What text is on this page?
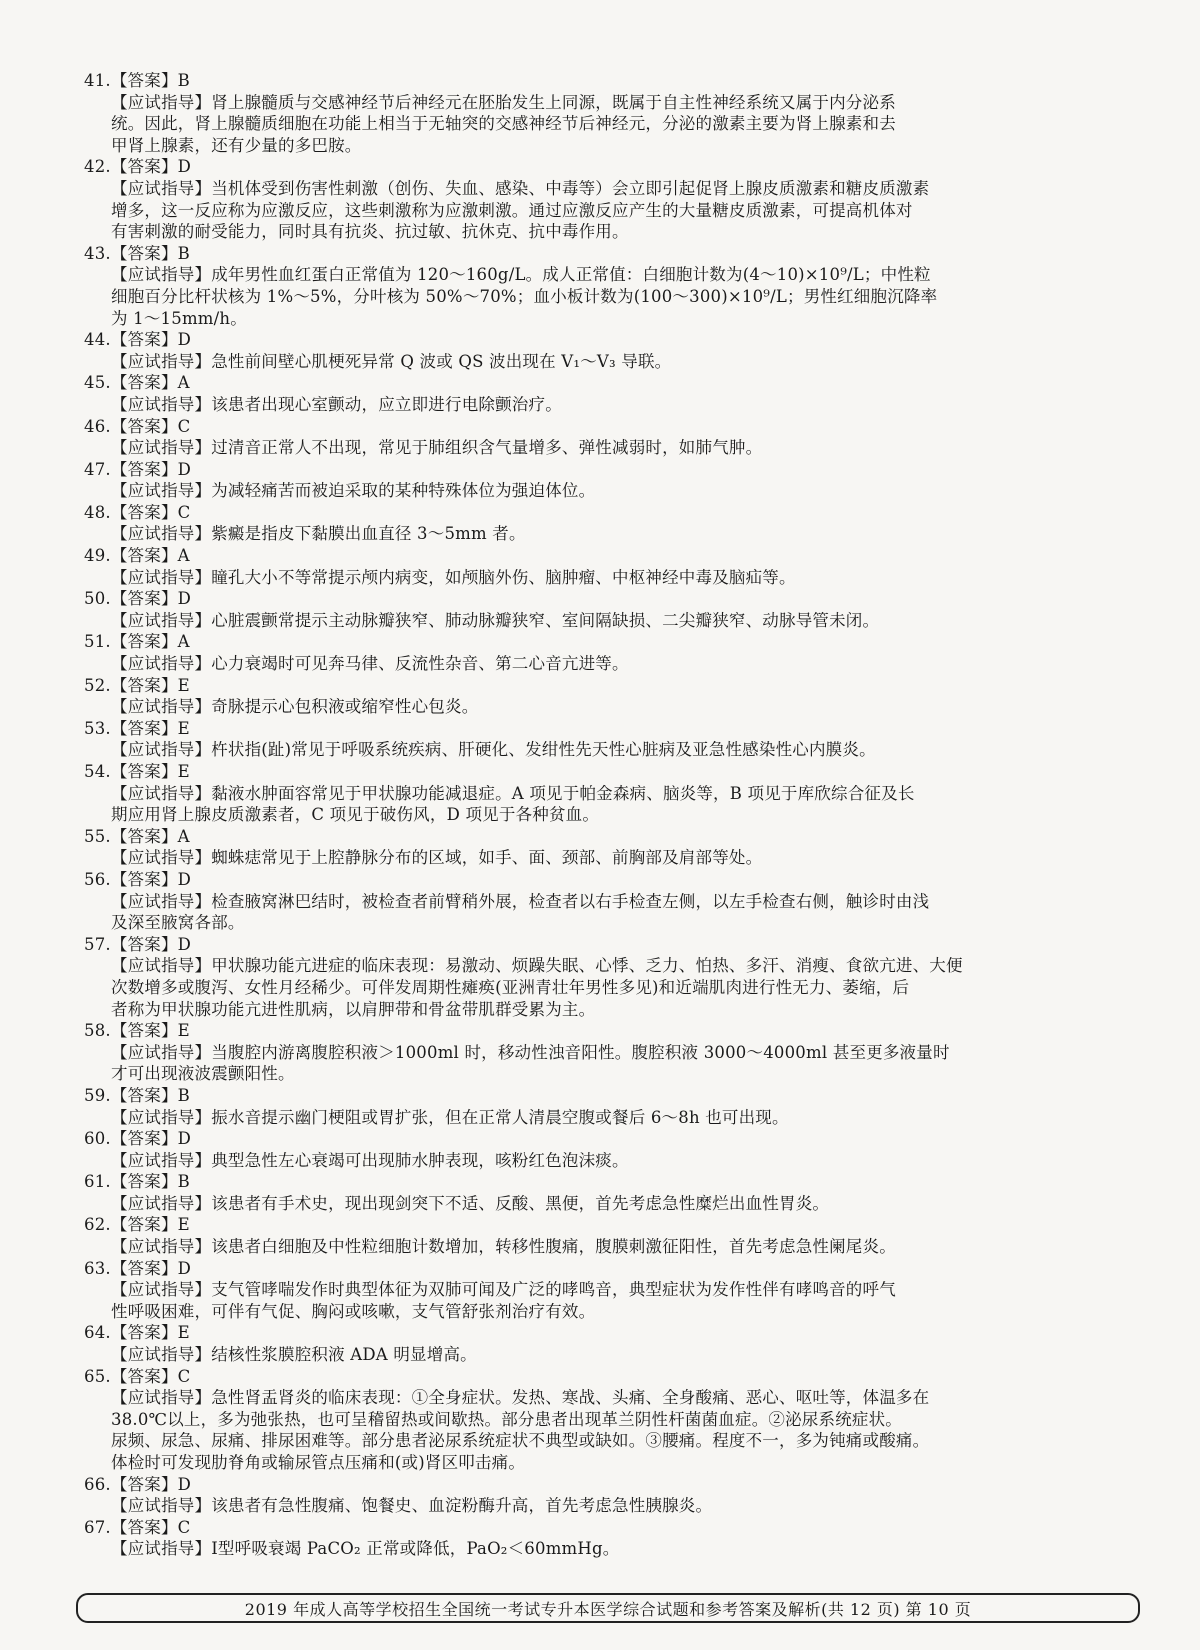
41.【答案】B
【应试指导】肾上腺髓质与交感神经节后神经元在胚胎发生上同源，既属于自主性神经系统又属于内分泌系
统。因此，肾上腺髓质细胞在功能上相当于无轴突的交感神经节后神经元，分泌的激素主要为肾上腺素和去
甲肾上腺素，还有少量的多巴胺。
42.【答案】D
【应试指导】当机体受到伤害性刺激（创伤、失血、感染、中毒等）会立即引起促肾上腺皮质激素和糖皮质激素
增多，这一反应称为应激反应，这些刺激称为应激刺激。通过应激反应产生的大量糖皮质激素，可提高机体对
有害刺激的耐受能力，同时具有抗炎、抗过敏、抗休克、抗中毒作用。
43.【答案】B
【应试指导】成年男性血红蛋白正常值为 120～160g/L。成人正常值：白细胞计数为(4～10)×10⁹/L；中性粒
细胞百分比杆状核为 1%～5%，分叶核为 50%～70%；血小板计数为(100～300)×10⁹/L；男性红细胞沉降率
为 1～15mm/h。
44.【答案】D
【应试指导】急性前间壁心肌梗死异常 Q 波或 QS 波出现在 V₁～V₃ 导联。
45.【答案】A
【应试指导】该患者出现心室颤动，应立即进行电除颤治疗。
46.【答案】C
【应试指导】过清音正常人不出现，常见于肺组织含气量增多、弹性减弱时，如肺气肿。
47.【答案】D
【应试指导】为减轻痛苦而被迫采取的某种特殊体位为强迫体位。
48.【答案】C
【应试指导】紫癜是指皮下黏膜出血直径 3～5mm 者。
49.【答案】A
【应试指导】瞳孔大小不等常提示颅内病变，如颅脑外伤、脑肿瘤、中枢神经中毒及脑疝等。
50.【答案】D
【应试指导】心脏震颤常提示主动脉瓣狭窄、肺动脉瓣狭窄、室间隔缺损、二尖瓣狭窄、动脉导管未闭。
51.【答案】A
【应试指导】心力衰竭时可见奔马律、反流性杂音、第二心音亢进等。
52.【答案】E
【应试指导】奇脉提示心包积液或缩窄性心包炎。
53.【答案】E
【应试指导】杵状指(趾)常见于呼吸系统疾病、肝硬化、发绀性先天性心脏病及亚急性感染性心内膜炎。
54.【答案】E
【应试指导】黏液水肿面容常见于甲状腺功能减退症。A 项见于帕金森病、脑炎等，B 项见于库欣综合征及长
期应用肾上腺皮质激素者，C 项见于破伤风，D 项见于各种贫血。
55.【答案】A
【应试指导】蜘蛛痣常见于上腔静脉分布的区域，如手、面、颈部、前胸部及肩部等处。
56.【答案】D
【应试指导】检查腋窝淋巴结时，被检查者前臂稍外展，检查者以右手检查左侧，以左手检查右侧，触诊时由浅
及深至腋窝各部。
57.【答案】D
【应试指导】甲状腺功能亢进症的临床表现：易激动、烦躁失眠、心悸、乏力、怕热、多汗、消瘦、食欲亢进、大便
次数增多或腹泻、女性月经稀少。可伴发周期性瘫痪(亚洲青壮年男性多见)和近端肌肉进行性无力、萎缩，后
者称为甲状腺功能亢进性肌病，以肩胛带和骨盆带肌群受累为主。
58.【答案】E
【应试指导】当腹腔内游离腹腔积液＞1000ml 时，移动性浊音阳性。腹腔积液 3000～4000ml 甚至更多液量时
才可出现液波震颤阳性。
59.【答案】B
【应试指导】振水音提示幽门梗阻或胃扩张，但在正常人清晨空腹或餐后 6～8h 也可出现。
60.【答案】D
【应试指导】典型急性左心衰竭可出现肺水肿表现，咳粉红色泡沫痰。
61.【答案】B
【应试指导】该患者有手术史，现出现剑突下不适、反酸、黑便，首先考虑急性糜烂出血性胃炎。
62.【答案】E
【应试指导】该患者白细胞及中性粒细胞计数增加，转移性腹痛，腹膜刺激征阳性，首先考虑急性阑尾炎。
63.【答案】D
【应试指导】支气管哮喘发作时典型体征为双肺可闻及广泛的哮鸣音，典型症状为发作性伴有哮鸣音的呼气
性呼吸困难，可伴有气促、胸闷或咳嗽，支气管舒张剂治疗有效。
64.【答案】E
【应试指导】结核性浆膜腔积液 ADA 明显增高。
65.【答案】C
【应试指导】急性肾盂肾炎的临床表现：①全身症状。发热、寒战、头痛、全身酸痛、恶心、呕吐等，体温多在
38.0℃以上，多为弛张热，也可呈稽留热或间歇热。部分患者出现革兰阴性杆菌菌血症。②泌尿系统症状。
尿频、尿急、尿痛、排尿困难等。部分患者泌尿系统症状不典型或缺如。③腰痛。程度不一，多为钝痛或酸痛。
体检时可发现肋脊角或输尿管点压痛和(或)肾区叩击痛。
66.【答案】D
【应试指导】该患者有急性腹痛、饱餐史、血淀粉酶升高，首先考虑急性胰腺炎。
67.【答案】C
【应试指导】Ⅰ型呼吸衰竭 PaCO₂ 正常或降低，PaO₂＜60mmHg。
2019 年成人高等学校招生全国统一考试专升本医学综合试题和参考答案及解析(共 12 页) 第 10 页
